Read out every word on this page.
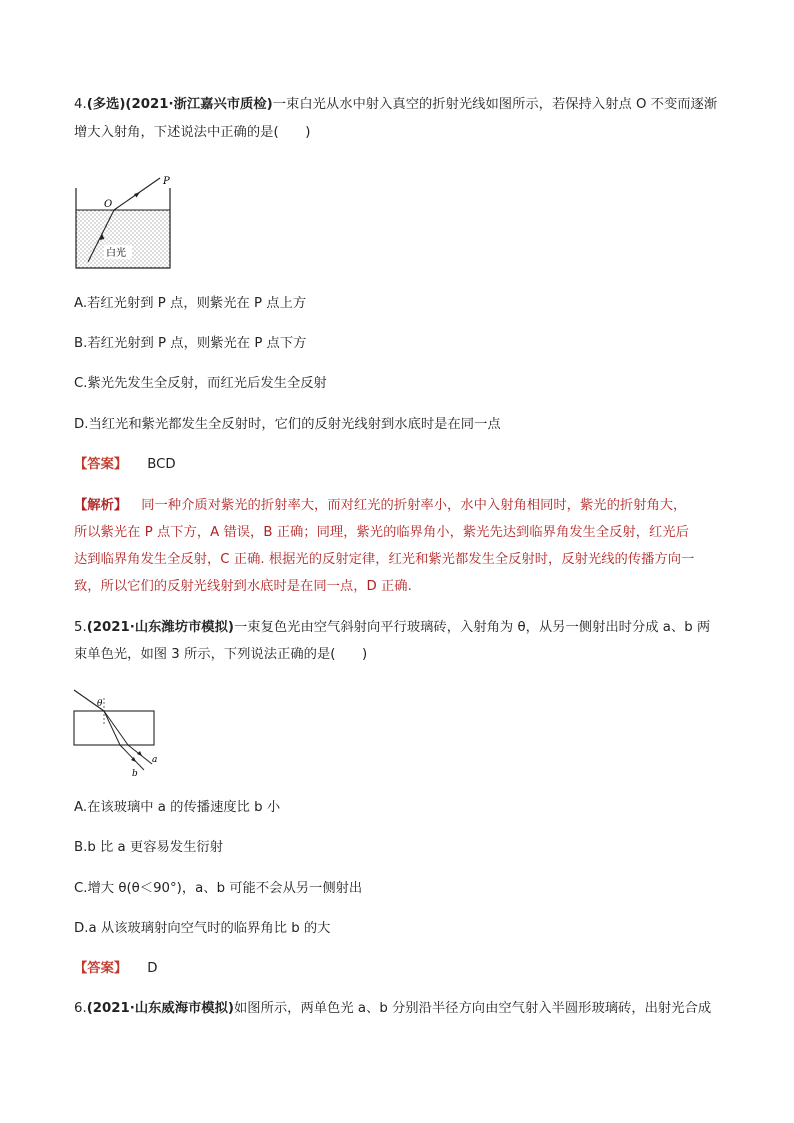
4.(多选)(2021·浙江嘉兴市质检)一束白光从水中射入真空的折射光线如图所示，若保持入射点 O 不变而逐渐
增大入射角，下述说法中正确的是(　　)
O
P
白光
A.若红光射到 P 点，则紫光在 P 点上方
B.若红光射到 P 点，则紫光在 P 点下方
C.紫光先发生全反射，而红光后发生全反射
D.当红光和紫光都发生全反射时，它们的反射光线射到水底时是在同一点
【答案】 BCD
【解析】 同一种介质对紫光的折射率大，而对红光的折射率小，水中入射角相同时，紫光的折射角大，
所以紫光在 P 点下方，A 错误，B 正确；同理，紫光的临界角小，紫光先达到临界角发生全反射，红光后
达到临界角发生全反射，C 正确. 根据光的反射定律，红光和紫光都发生全反射时，反射光线的传播方向一
致，所以它们的反射光线射到水底时是在同一点，D 正确.
5.(2021·山东潍坊市模拟)一束复色光由空气斜射向平行玻璃砖，入射角为 θ，从另一侧射出时分成 a、b 两
束单色光，如图 3 所示，下列说法正确的是(　　)
θ
a
b
A.在该玻璃中 a 的传播速度比 b 小
B.b 比 a 更容易发生衍射
C.增大 θ(θ＜90°)，a、b 可能不会从另一侧射出
D.a 从该玻璃射向空气时的临界角比 b 的大
【答案】 D
6.(2021·山东威海市模拟)如图所示，两单色光 a、b 分别沿半径方向由空气射入半圆形玻璃砖，出射光合成
